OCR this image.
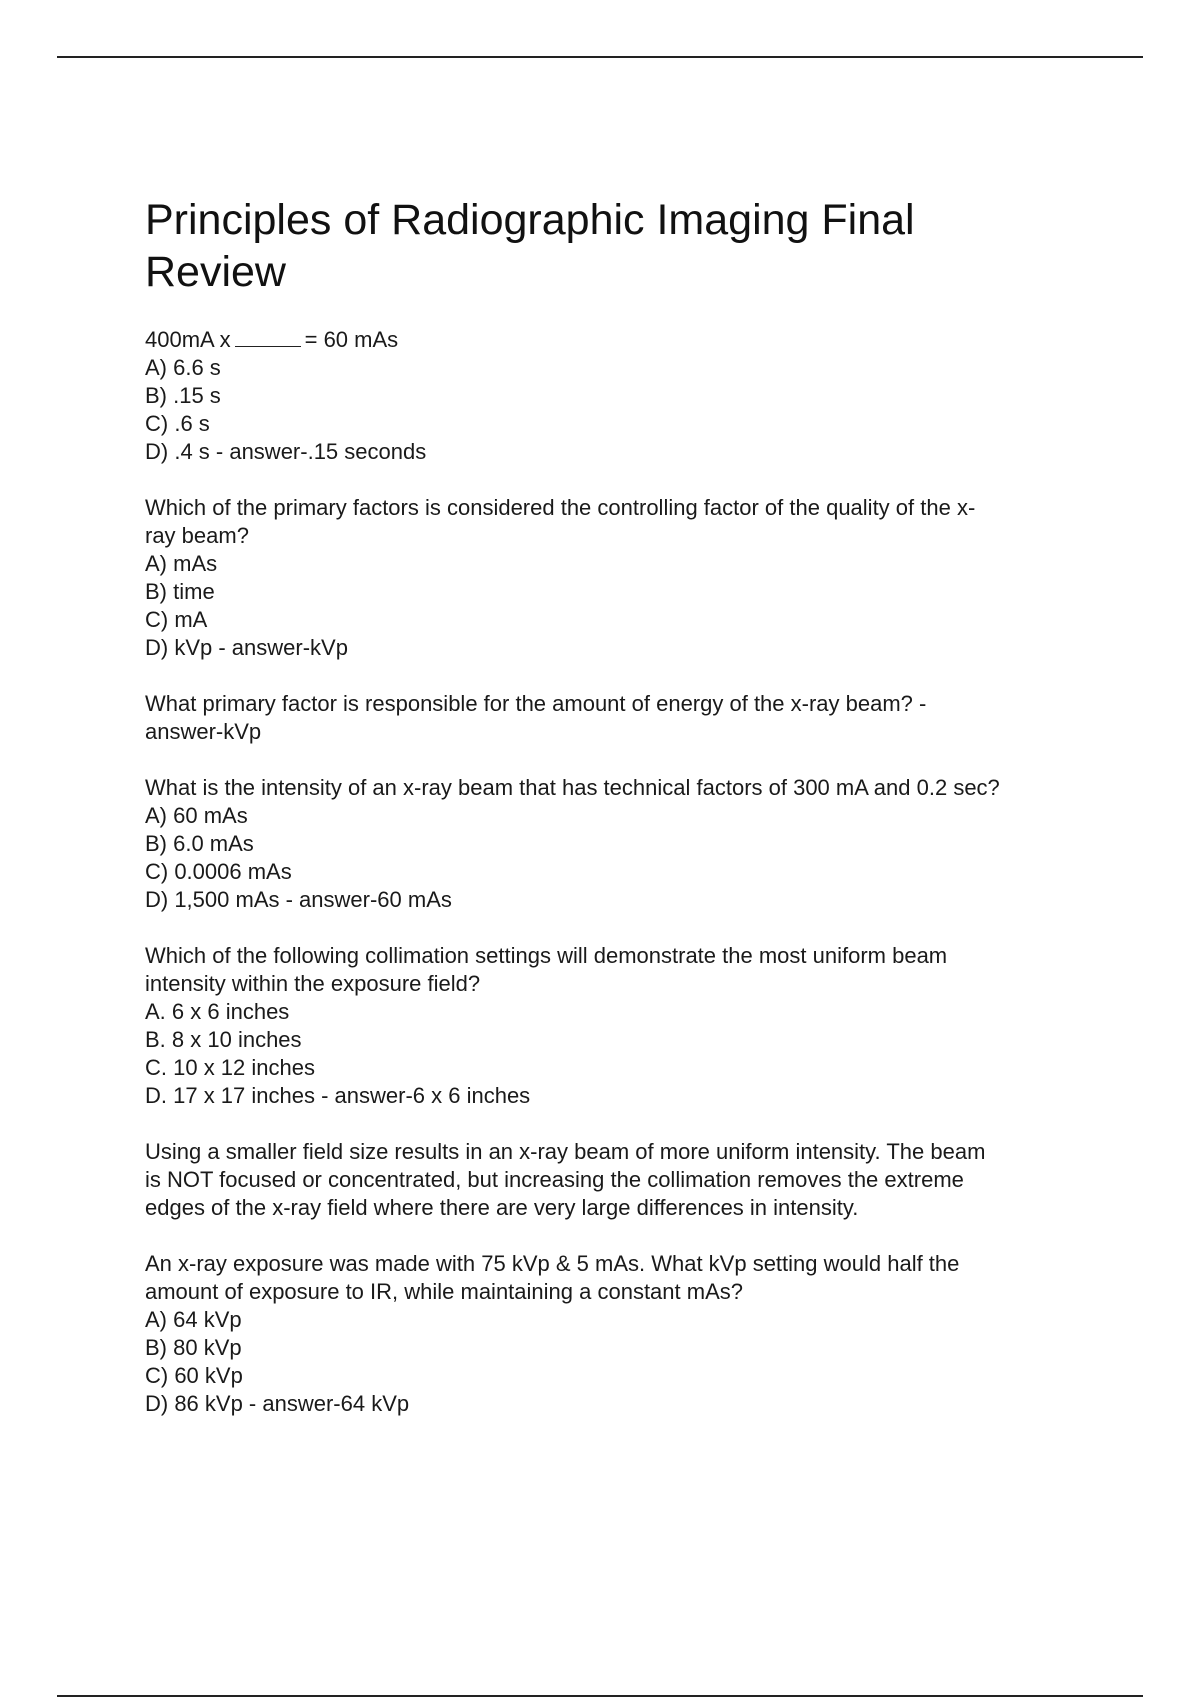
Principles of Radiographic Imaging Final
Review

400mA x	= 60 mAs

A) 6.6 s

B) .15 s

C) .6 s

D) .4 s - answer-.15 seconds

Which of the primary factors is considered the controlling factor of the quality of the x-

ray beam?

A) mAs

B) time

C) mA

D) kVp - answer-kVp

What primary factor is responsible for the amount of energy of the x-ray beam? -

answer-kVp

What is the intensity of an x-ray beam that has technical factors of 300 mA and 0.2 sec?

A) 60 mAs

B) 6.0 mAs

C) 0.0006 mAs

D) 1,500 mAs - answer-60 mAs

Which of the following collimation settings will demonstrate the most uniform beam

intensity within the exposure field?

A. 6 x 6 inches

B. 8 x 10 inches

C. 10 x 12 inches

D. 17 x 17 inches - answer-6 x 6 inches

Using a smaller field size results in an x-ray beam of more uniform intensity. The beam

is NOT focused or concentrated, but increasing the collimation removes the extreme

edges of the x-ray field where there are very large differences in intensity.

An x-ray exposure was made with 75 kVp & 5 mAs. What kVp setting would half the

amount of exposure to IR, while maintaining a constant mAs?

A) 64 kVp

B) 80 kVp

C) 60 kVp

D) 86 kVp - answer-64 kVp
